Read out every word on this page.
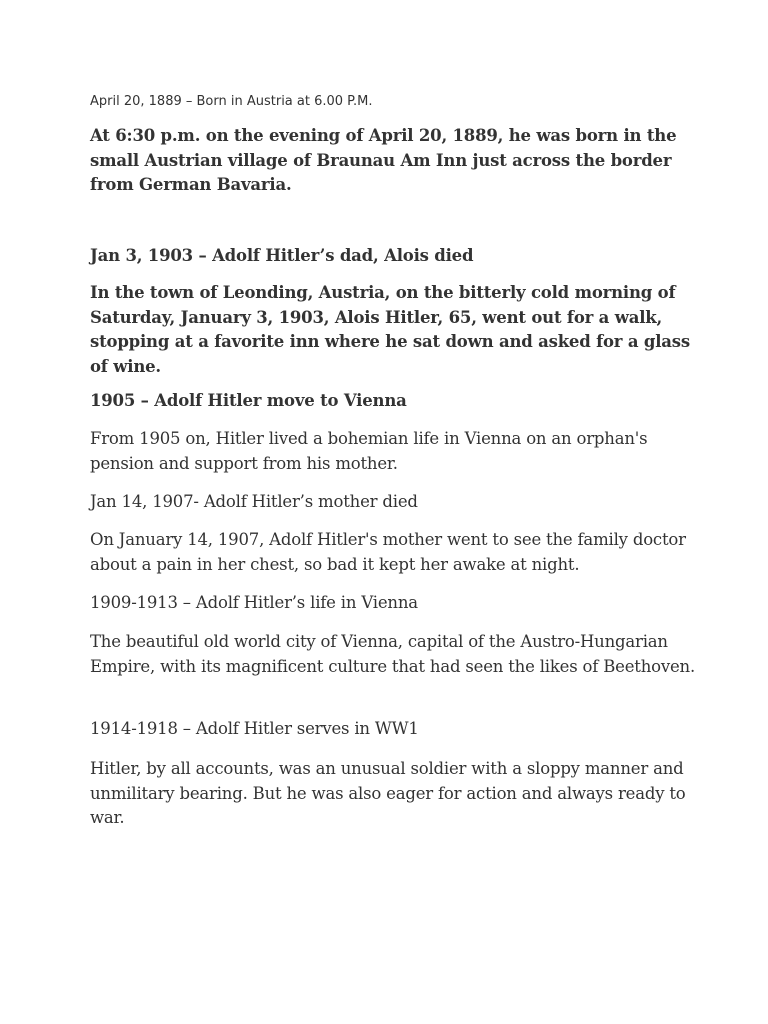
April 20, 1889 – Born in Austria at 6.00 P.M.

At 6:30 p.m. on the evening of April 20, 1889, he was born in the small Austrian village of Braunau Am Inn just across the border from German Bavaria.

Jan 3, 1903 – Adolf Hitler’s dad, Alois died

In the town of Leonding, Austria, on the bitterly cold morning of Saturday, January 3, 1903, Alois Hitler, 65, went out for a walk, stopping at a favorite inn where he sat down and asked for a glass of wine.

1905 – Adolf Hitler move to Vienna

From 1905 on, Hitler lived a bohemian life in Vienna on an orphan's pension and support from his mother.

Jan 14, 1907- Adolf Hitler’s mother died

On January 14, 1907, Adolf Hitler's mother went to see the family doctor about a pain in her chest, so bad it kept her awake at night.

1909-1913 – Adolf Hitler’s life in Vienna

The beautiful old world city of Vienna, capital of the Austro-Hungarian Empire, with its magnificent culture that had seen the likes of Beethoven.

1914-1918 – Adolf Hitler serves in WW1

Hitler, by all accounts, was an unusual soldier with a sloppy manner and unmilitary bearing. But he was also eager for action and always ready to war.
